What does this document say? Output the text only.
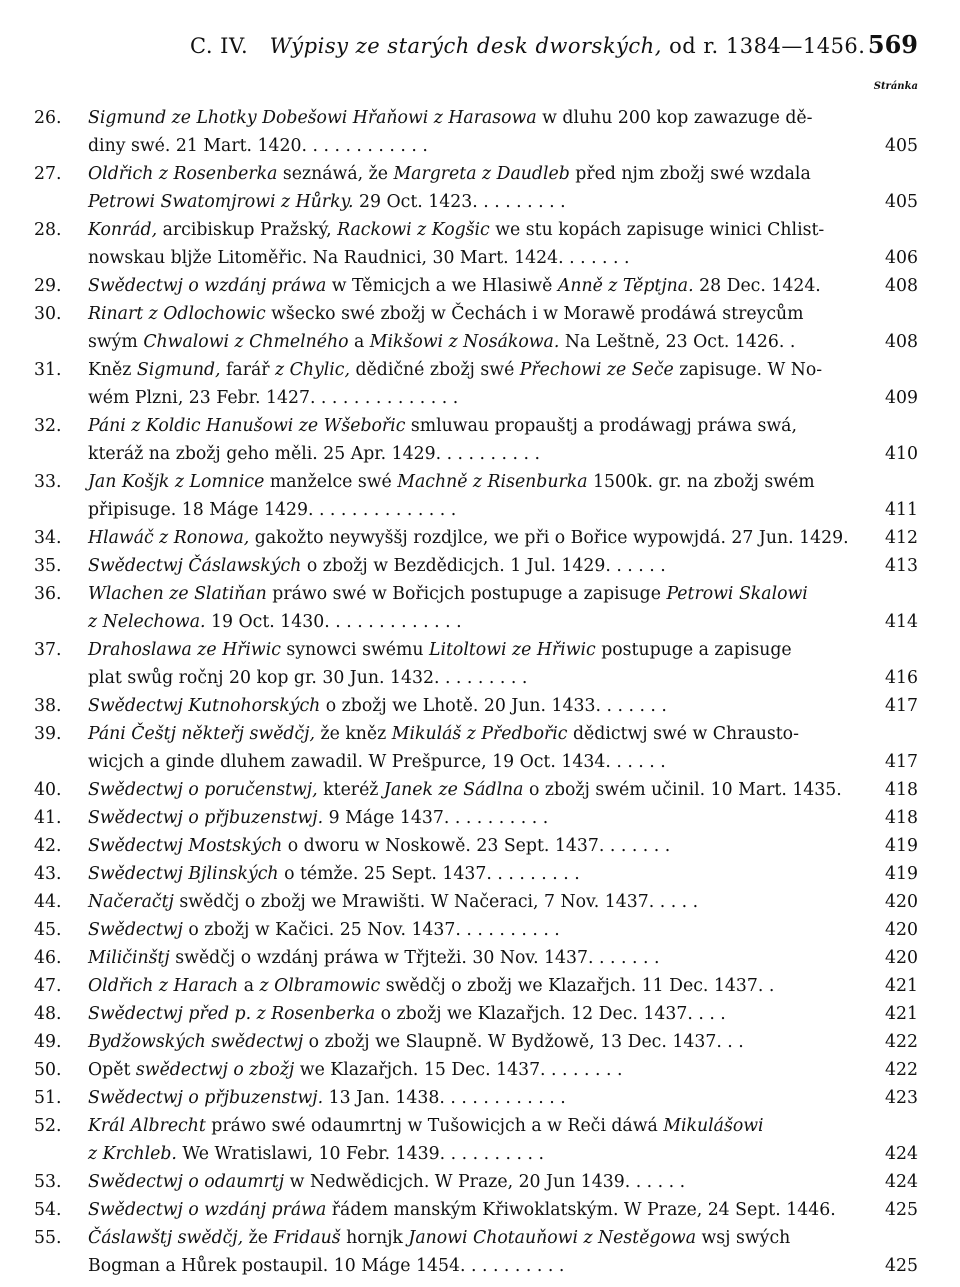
C. IV. Wýpisy ze starých desk dworských, od r. 1384—1456. 569
Stránka
26.	Sigmund ze Lhotky Dobešowi Hřaňowi z Harasowa w dluhu 200 kop zawazuge dě-
diny swé. 21 Mart. 1420. . . . . . . . . . . .	405
27.	Oldřich z Rosenberka seznáwá, že Margreta z Daudleb před njm zbožj swé wzdala
Petrowi Swatomjrowi z Hůrky. 29 Oct. 1423. . . . . . . . .	405
28.	Konrád, arcibiskup Pražský, Rackowi z Kogšic we stu kopách zapisuge winici Chlist-
nowskau bljže Litoměřic. Na Raudnici, 30 Mart. 1424. . . . . . .	406
29.	Swědectwj o wzdánj práwa w Těmicjch a we Hlasiwě Anně z Těptjna. 28 Dec. 1424.	408
30.	Rinart z Odlochowic wšecko swé zbožj w Čechách i w Morawě prodáwá streycům
swým Chwalowi z Chmelného a Mikšowi z Nosákowa. Na Leštně, 23 Oct. 1426. .	408
31.	Kněz Sigmund, farář z Chylic, dědičné zbožj swé Přechowi ze Seče zapisuge. W No-
wém Plzni, 23 Febr. 1427. . . . . . . . . . . . . .	409
32.	Páni z Koldic Hanušowi ze Wšebořic smluwau propauštj a prodáwagj práwa swá,
kteráž na zbožj geho měli. 25 Apr. 1429. . . . . . . . . .	410
33.	Jan Košjk z Lomnice manželce swé Machně z Risenburka 1500k. gr. na zbožj swém
připisuge. 18 Máge 1429. . . . . . . . . . . . . .	411
34.	Hlawáč z Ronowa, gakožto neywyššj rozdjlce, we při o Bořice wypowjdá. 27 Jun. 1429.	412
35.	Swědectwj Čáslawských o zbožj w Bezdědicjch. 1 Jul. 1429. . . . . .	413
36.	Wlachen ze Slatiňan práwo swé w Bořicjch postupuge a zapisuge Petrowi Skalowi
z Nelechowa. 19 Oct. 1430. . . . . . . . . . . . .	414
37.	Drahoslawa ze Hřiwic synowci swému Litoltowi ze Hřiwic postupuge a zapisuge
plat swůg ročnj 20 kop gr. 30 Jun. 1432. . . . . . . . .	416
38.	Swědectwj Kutnohorských o zbožj we Lhotě. 20 Jun. 1433. . . . . . .	417
39.	Páni Češtj někteřj swědčj, že kněz Mikuláš z Předbořic dědictwj swé w Chrausto-
wicjch a ginde dluhem zawadil. W Prešpurce, 19 Oct. 1434. . . . . .	417
40.	Swědectwj o poručenstwj, kteréž Janek ze Sádlna o zbožj swém učinil. 10 Mart. 1435.	418
41.	Swědectwj o přjbuzenstwj. 9 Máge 1437. . . . . . . . . .	418
42.	Swědectwj Mostských o dworu w Noskowě. 23 Sept. 1437. . . . . . .	419
43.	Swědectwj Bjlinských o témže. 25 Sept. 1437. . . . . . . . .	419
44.	Načeračtj swědčj o zbožj we Mrawišti. W Načeraci, 7 Nov. 1437. . . . .	420
45.	Swědectwj o zbožj w Kačici. 25 Nov. 1437. . . . . . . . . .	420
46.	Miličinštj swědčj o wzdánj práwa w Třjteži. 30 Nov. 1437. . . . . . .	420
47.	Oldřich z Harach a z Olbramowic swědčj o zbožj we Klazařjch. 11 Dec. 1437. .	421
48.	Swědectwj před p. z Rosenberka o zbožj we Klazařjch. 12 Dec. 1437. . . .	421
49.	Bydžowských swědectwj o zbožj we Slaupně. W Bydžowě, 13 Dec. 1437. . .	422
50.	Opět swědectwj o zbožj we Klazařjch. 15 Dec. 1437. . . . . . . .	422
51.	Swědectwj o přjbuzenstwj. 13 Jan. 1438. . . . . . . . . . . .	423
52.	Král Albrecht práwo swé odaumrtnj w Tušowicjch a w Reči dáwá Mikulášowi
z Krchleb. We Wratislawi, 10 Febr. 1439. . . . . . . . . .	424
53.	Swědectwj o odaumrtj w Nedwědicjch. W Praze, 20 Jun 1439. . . . . .	424
54.	Swědectwj o wzdánj práwa řádem manským Křiwoklatským. W Praze, 24 Sept. 1446.	425
55.	Čáslawštj swědčj, že Fridauš hornjk Janowi Chotauňowi z Nestěgowa wsj swých
Bogman a Hůrek postaupil. 10 Máge 1454. . . . . . . . . .	425
